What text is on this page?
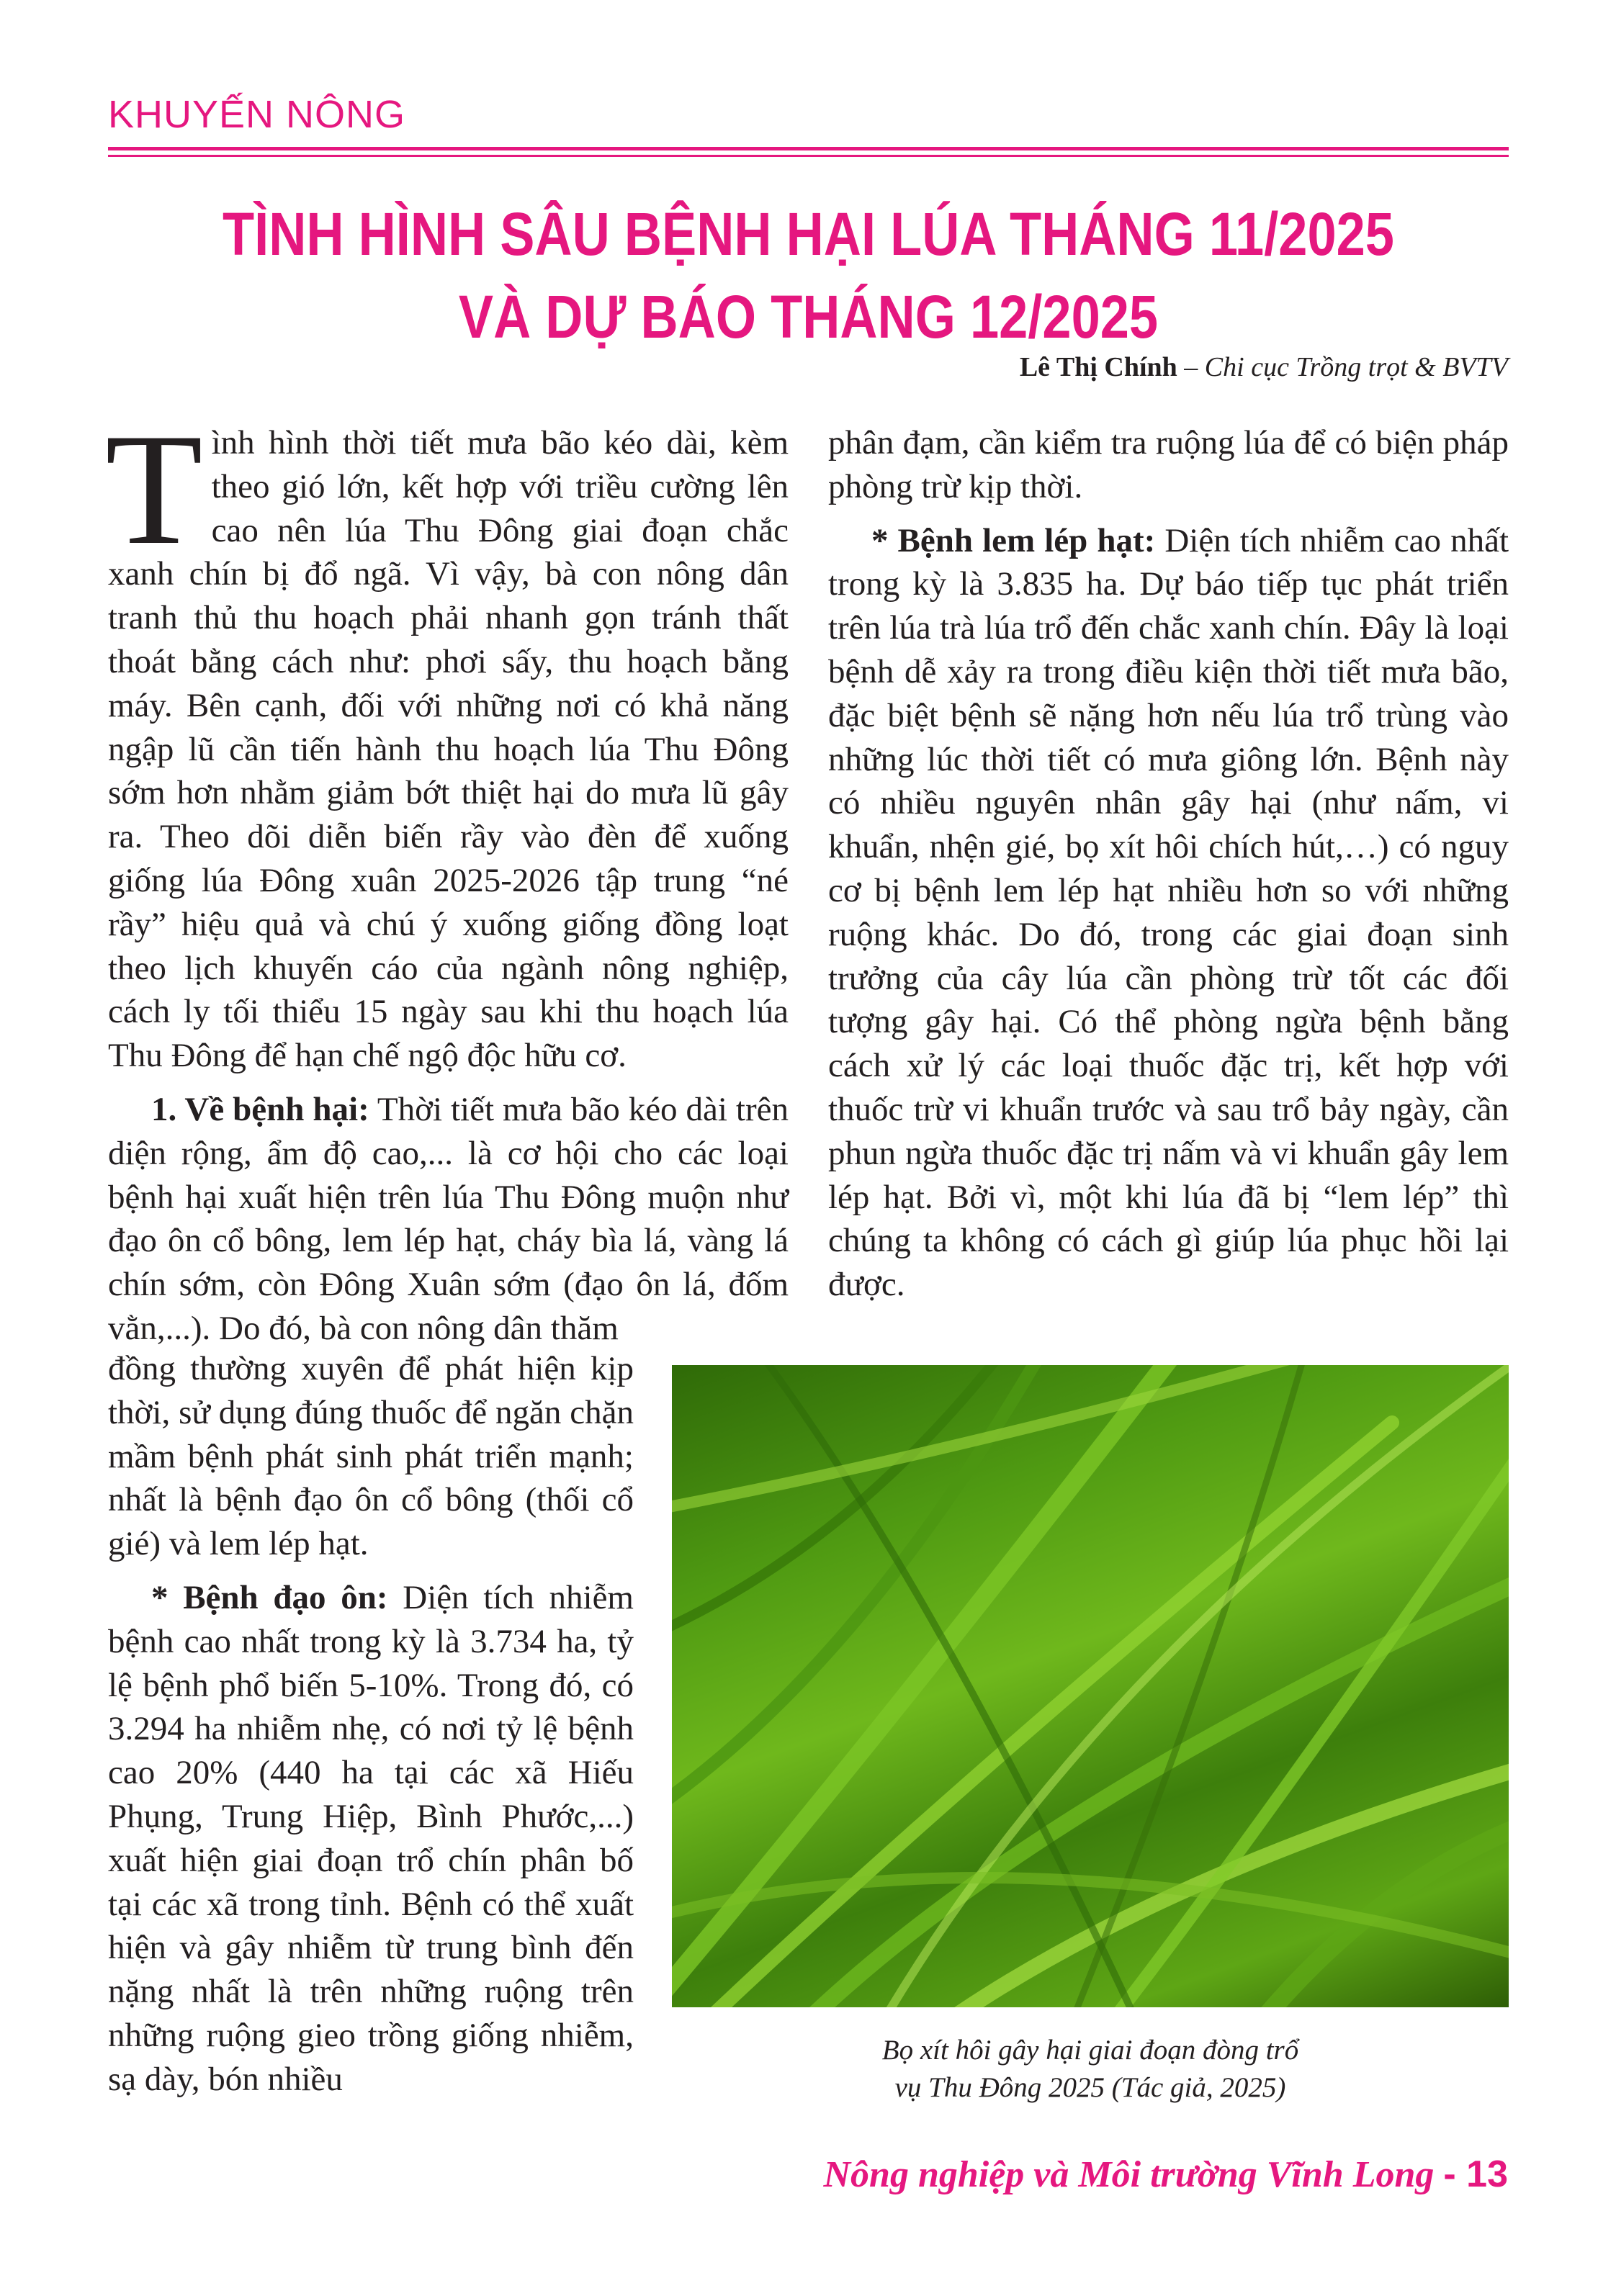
KHUYẾN NÔNG
TÌNH HÌNH SÂU BỆNH HẠI LÚA THÁNG 11/2025
VÀ DỰ BÁO THÁNG 12/2025
Lê Thị Chính – Chi cục Trồng trọt & BVTV

Tình hình thời tiết mưa bão kéo dài, kèm theo gió lớn, kết hợp với triều cường lên cao nên lúa Thu Đông giai đoạn chắc xanh chín bị đổ ngã. Vì vậy, bà con nông dân tranh thủ thu hoạch phải nhanh gọn tránh thất thoát bằng cách như: phơi sấy, thu hoạch bằng máy. Bên cạnh, đối với những nơi có khả năng ngập lũ cần tiến hành thu hoạch lúa Thu Đông sớm hơn nhằm giảm bớt thiệt hại do mưa lũ gây ra. Theo dõi diễn biến rầy vào đèn để xuống giống lúa Đông xuân 2025-2026 tập trung “né rầy” hiệu quả và chú ý xuống giống đồng loạt theo lịch khuyến cáo của ngành nông nghiệp, cách ly tối thiểu 15 ngày sau khi thu hoạch lúa Thu Đông để hạn chế ngộ độc hữu cơ.

1. Về bệnh hại: Thời tiết mưa bão kéo dài trên diện rộng, ẩm độ cao,... là cơ hội cho các loại bệnh hại xuất hiện trên lúa Thu Đông muộn như đạo ôn cổ bông, lem lép hạt, cháy bìa lá, vàng lá chín sớm, còn Đông Xuân sớm (đạo ôn lá, đốm vằn,...). Do đó, bà con nông dân thăm

đồng thường xuyên để phát hiện kịp thời, sử dụng đúng thuốc để ngăn chặn mầm bệnh phát sinh phát triển mạnh; nhất là bệnh đạo ôn cổ bông (thối cổ gié) và lem lép hạt.

* Bệnh đạo ôn: Diện tích nhiễm bệnh cao nhất trong kỳ là 3.734 ha, tỷ lệ bệnh phổ biến 5-10%. Trong đó, có 3.294 ha nhiễm nhẹ, có nơi tỷ lệ bệnh cao 20% (440 ha tại các xã Hiếu Phụng, Trung Hiệp, Bình Phước,...) xuất hiện giai đoạn trổ chín phân bố tại các xã trong tỉnh. Bệnh có thể xuất hiện và gây nhiễm từ trung bình đến nặng nhất là trên những ruộng trên những ruộng gieo trồng giống nhiễm, sạ dày, bón nhiều

phân đạm, cần kiểm tra ruộng lúa để có biện pháp phòng trừ kịp thời.

* Bệnh lem lép hạt: Diện tích nhiễm cao nhất trong kỳ là 3.835 ha. Dự báo tiếp tục phát triển trên lúa trà lúa trổ đến chắc xanh chín. Đây là loại bệnh dễ xảy ra trong điều kiện thời tiết mưa bão, đặc biệt bệnh sẽ nặng hơn nếu lúa trổ trùng vào những lúc thời tiết có mưa giông lớn. Bệnh này có nhiều nguyên nhân gây hại (như nấm, vi khuẩn, nhện gié, bọ xít hôi chích hút,…) có nguy cơ bị bệnh lem lép hạt nhiều hơn so với những ruộng khác. Do đó, trong các giai đoạn sinh trưởng của cây lúa cần phòng trừ tốt các đối tượng gây hại. Có thể phòng ngừa bệnh bằng cách xử lý các loại thuốc đặc trị, kết hợp với thuốc trừ vi khuẩn trước và sau trổ bảy ngày, cần phun ngừa thuốc đặc trị nấm và vi khuẩn gây lem lép hạt. Bởi vì, một khi lúa đã bị “lem lép” thì chúng ta không có cách gì giúp lúa phục hồi lại được.

Bọ xít hôi gây hại giai đoạn đòng trổ
vụ Thu Đông 2025 (Tác giả, 2025)
Nông nghiệp và Môi trường Vĩnh Long - 13
